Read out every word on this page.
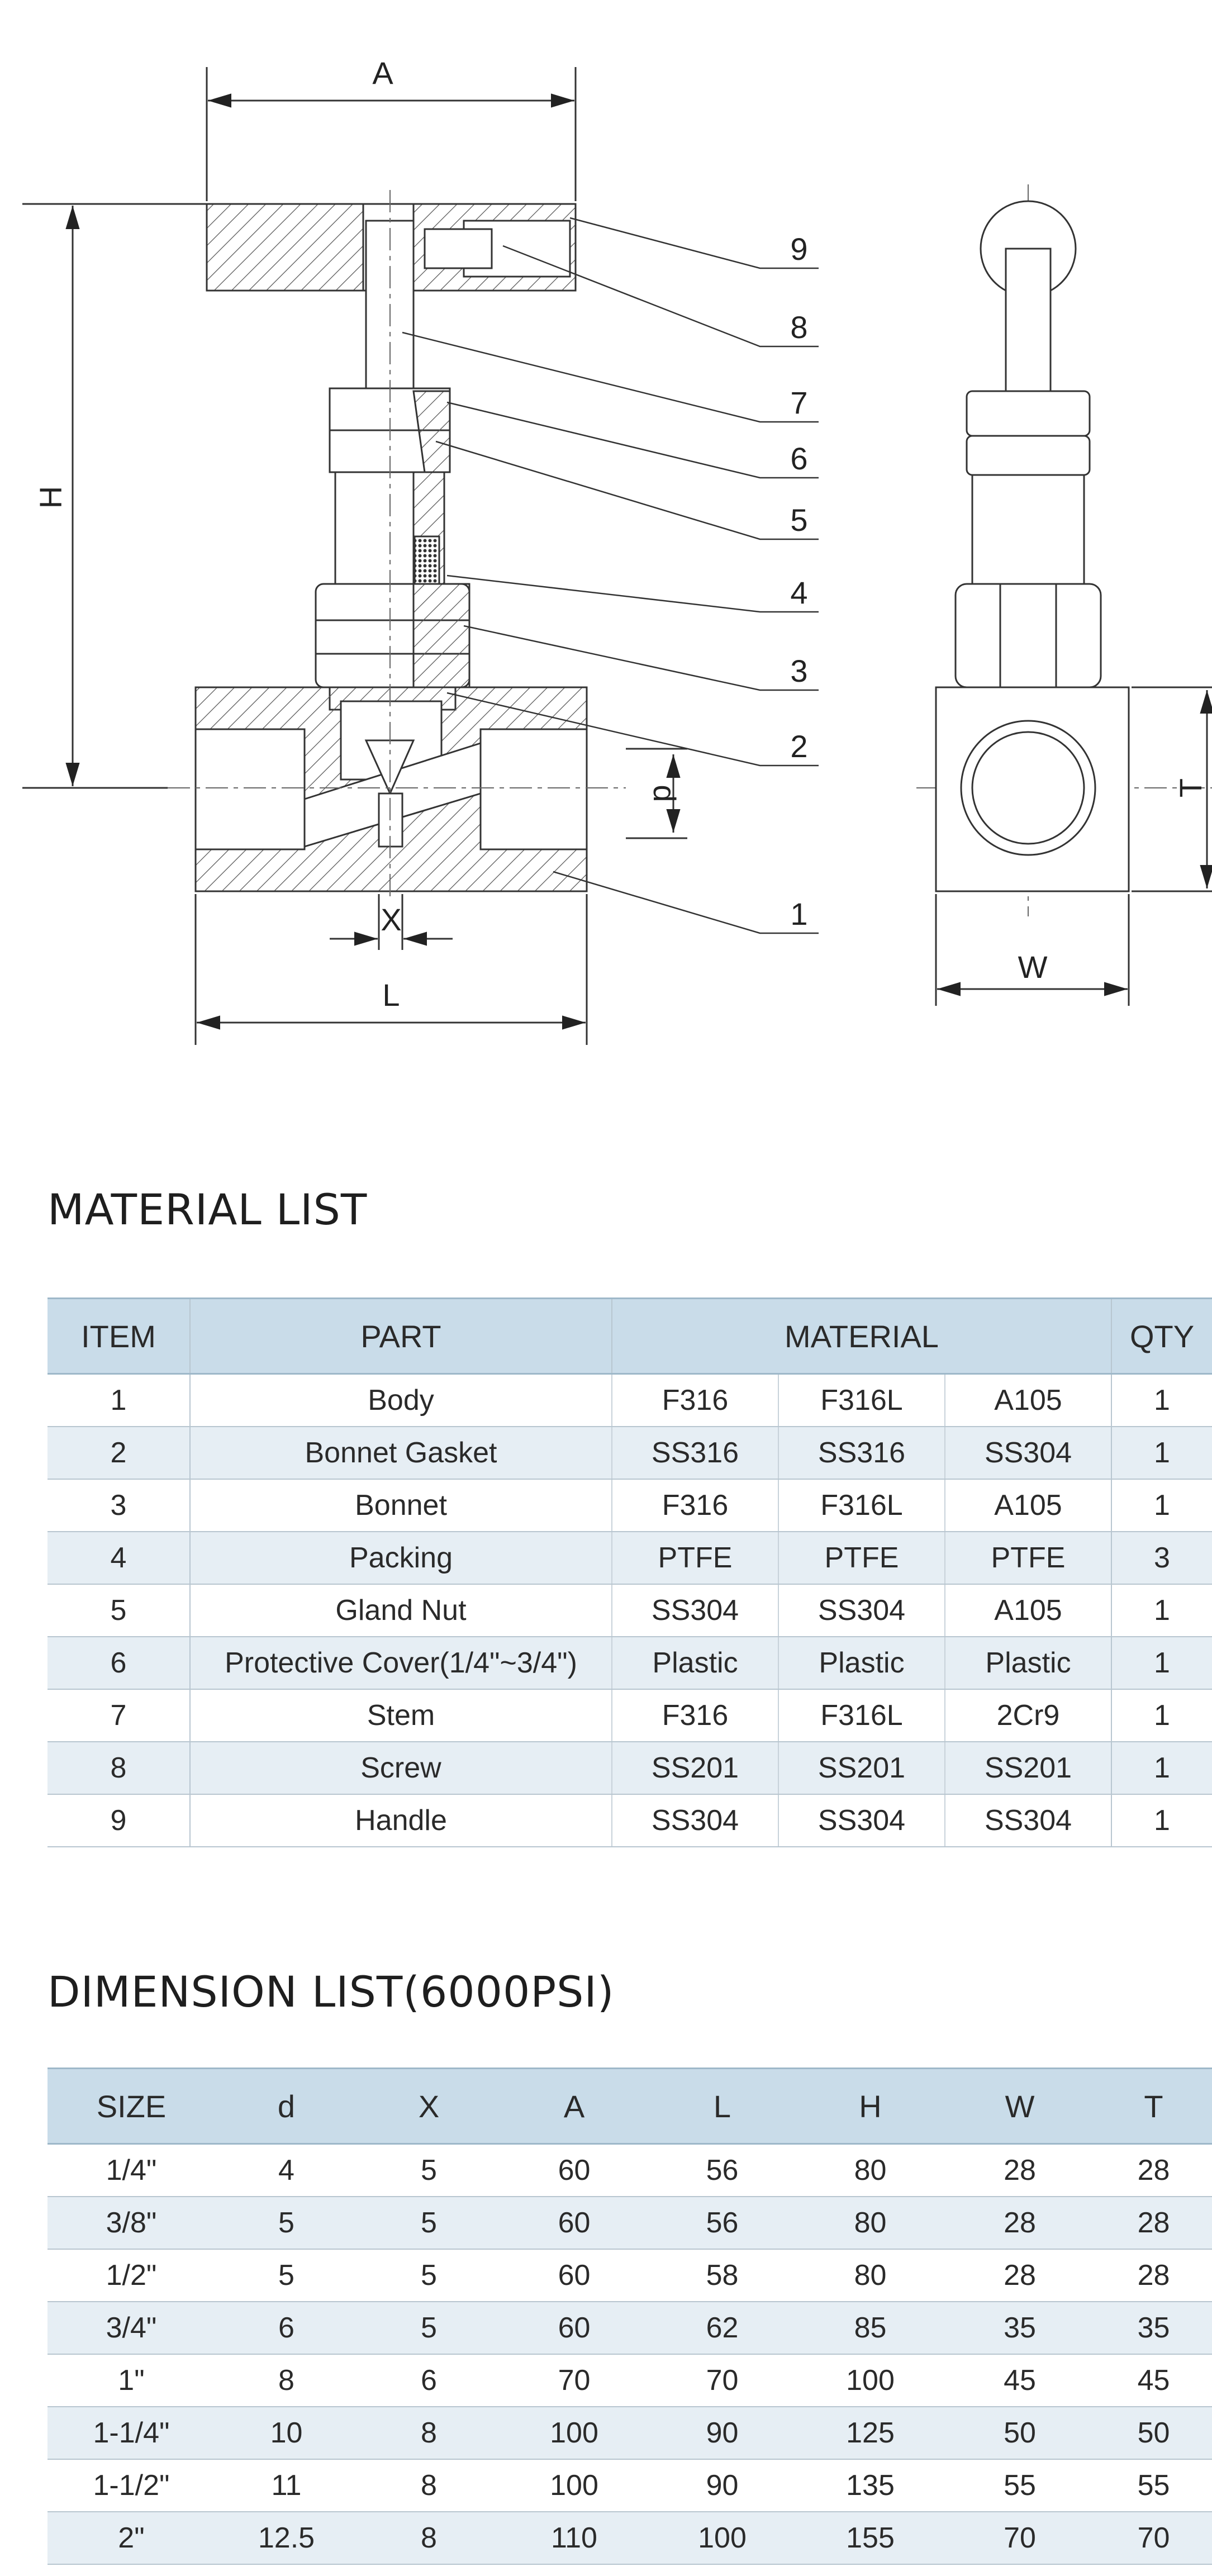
A
H
L
X
d
W
T
9
8
7
6
5
4
3
2
1
MATERIAL LIST
ITEM	PART	MATERIAL			QTY
1	Body	F316	F316L	A105	1
2	Bonnet Gasket	SS316	SS316	SS304	1
3	Bonnet	F316	F316L	A105	1
4	Packing	PTFE	PTFE	PTFE	3
5	Gland Nut	SS304	SS304	A105	1
6	Protective Cover(1/4"~3/4")	Plastic	Plastic	Plastic	1
7	Stem	F316	F316L	2Cr9	1
8	Screw	SS201	SS201	SS201	1
9	Handle	SS304	SS304	SS304	1
DIMENSION LIST(6000PSI)
SIZE	d	X	A	L	H	W	T
1/4"	4	5	60	56	80	28	28
3/8"	5	5	60	56	80	28	28
1/2"	5	5	60	58	80	28	28
3/4"	6	5	60	62	85	35	35
1"	8	6	70	70	100	45	45
1-1/4"	10	8	100	90	125	50	50
1-1/2"	11	8	100	90	135	55	55
2"	12.5	8	110	100	155	70	70
